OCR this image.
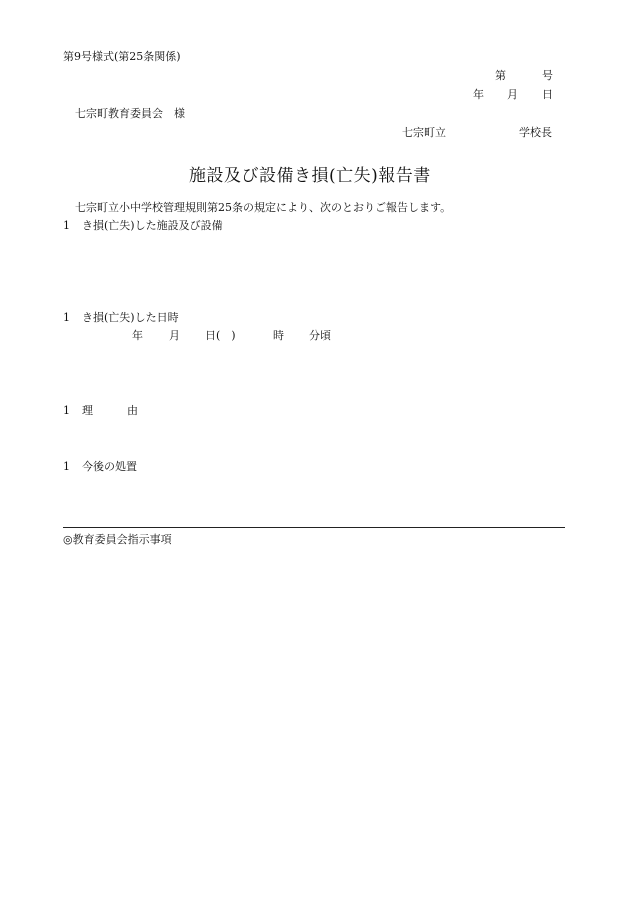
第9号様式(第25条関係)
第	号
年 月 日
七宗町教育委員会　様
七宗町立	学校長
施設及び設備き損(亡失)報告書
七宗町立小中学校管理規則第25条の規定により、次のとおりご報告します。
1 き損(亡失)した施設及び設備
1 き損(亡失)した日時
年 月 日(　)	時 分頃
1 理	由
1 今後の処置
◎教育委員会指示事項
